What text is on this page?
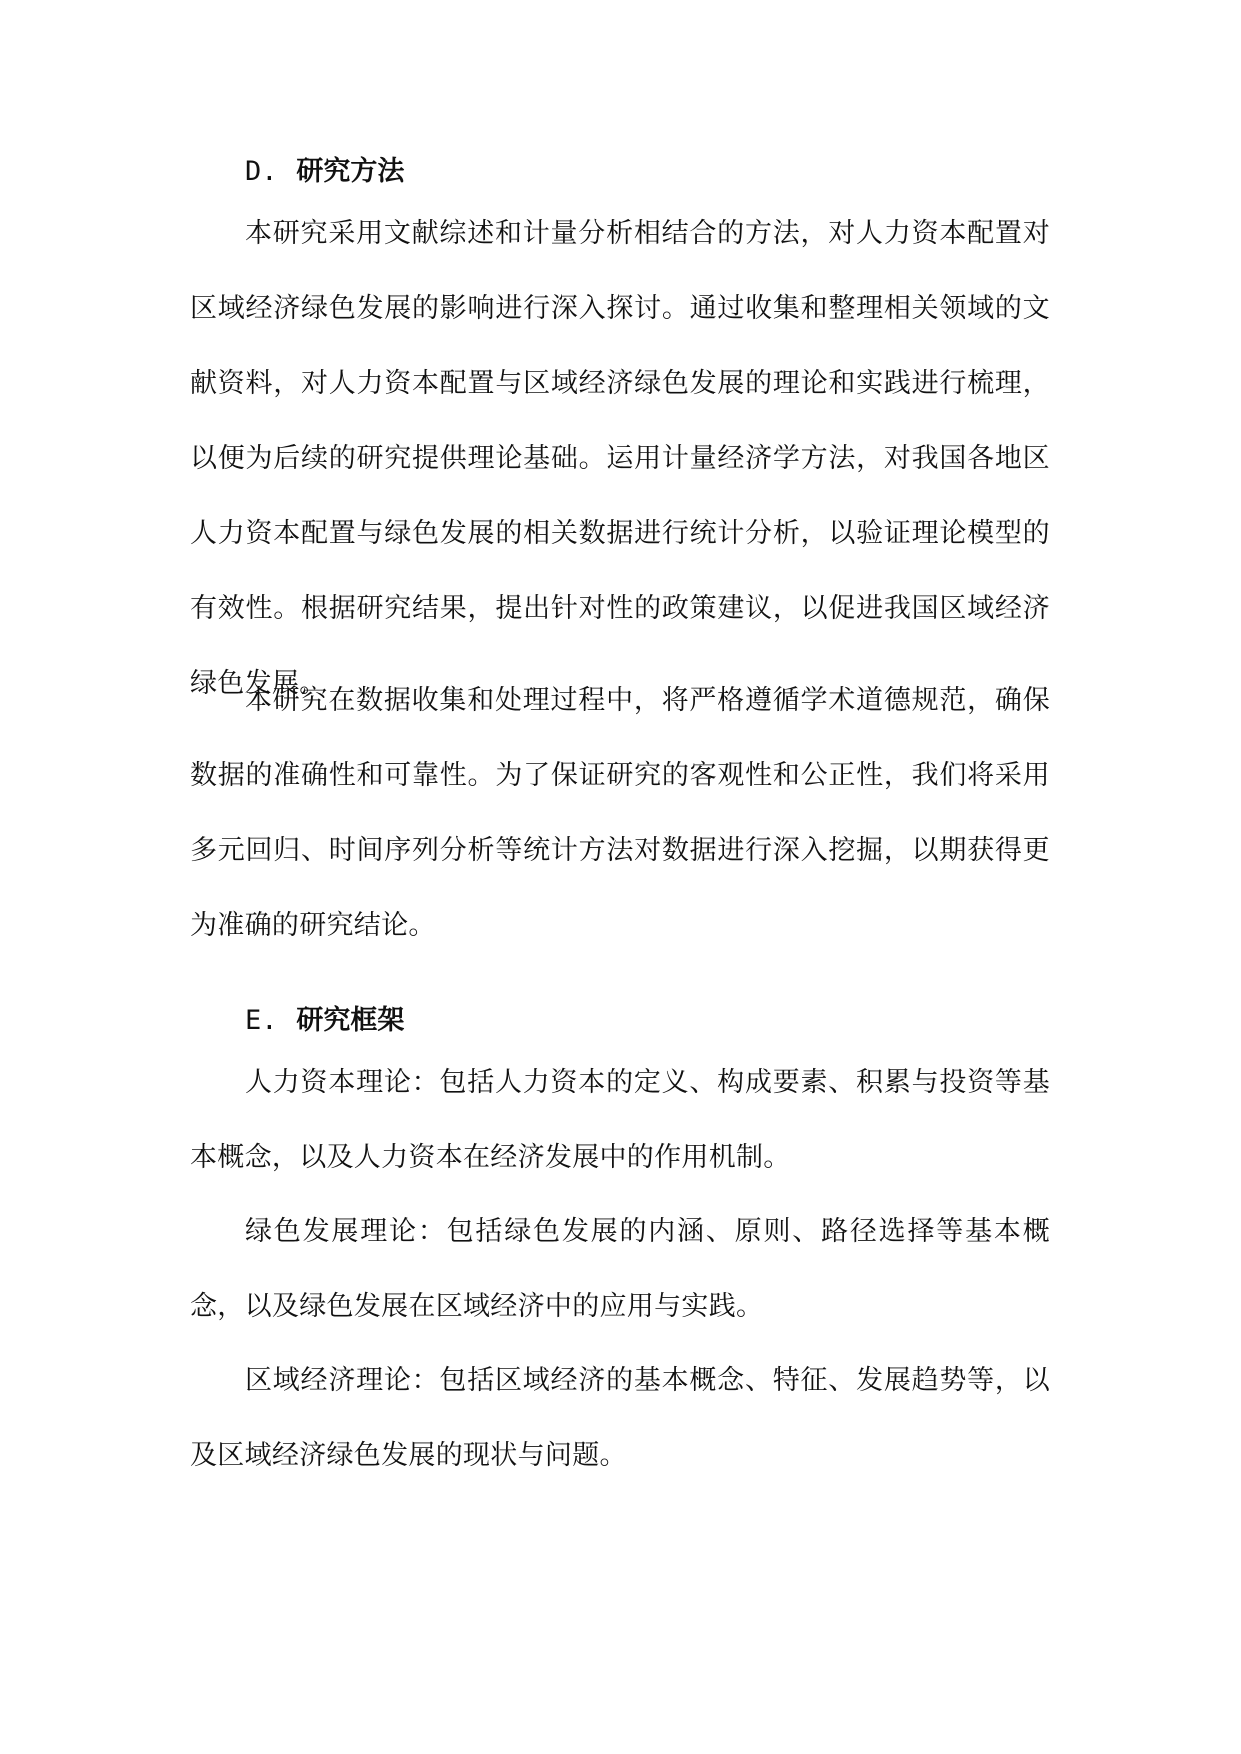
D. 研究方法

本研究采用文献综述和计量分析相结合的方法，对人力资本配置对区域经济绿色发展的影响进行深入探讨。通过收集和整理相关领域的文献资料，对人力资本配置与区域经济绿色发展的理论和实践进行梳理，以便为后续的研究提供理论基础。运用计量经济学方法，对我国各地区人力资本配置与绿色发展的相关数据进行统计分析，以验证理论模型的有效性。根据研究结果，提出针对性的政策建议，以促进我国区域经济绿色发展。

本研究在数据收集和处理过程中，将严格遵循学术道德规范，确保数据的准确性和可靠性。为了保证研究的客观性和公正性，我们将采用多元回归、时间序列分析等统计方法对数据进行深入挖掘，以期获得更为准确的研究结论。

E. 研究框架

人力资本理论：包括人力资本的定义、构成要素、积累与投资等基本概念，以及人力资本在经济发展中的作用机制。

绿色发展理论：包括绿色发展的内涵、原则、路径选择等基本概念，以及绿色发展在区域经济中的应用与实践。

区域经济理论：包括区域经济的基本概念、特征、发展趋势等，以及区域经济绿色发展的现状与问题。
